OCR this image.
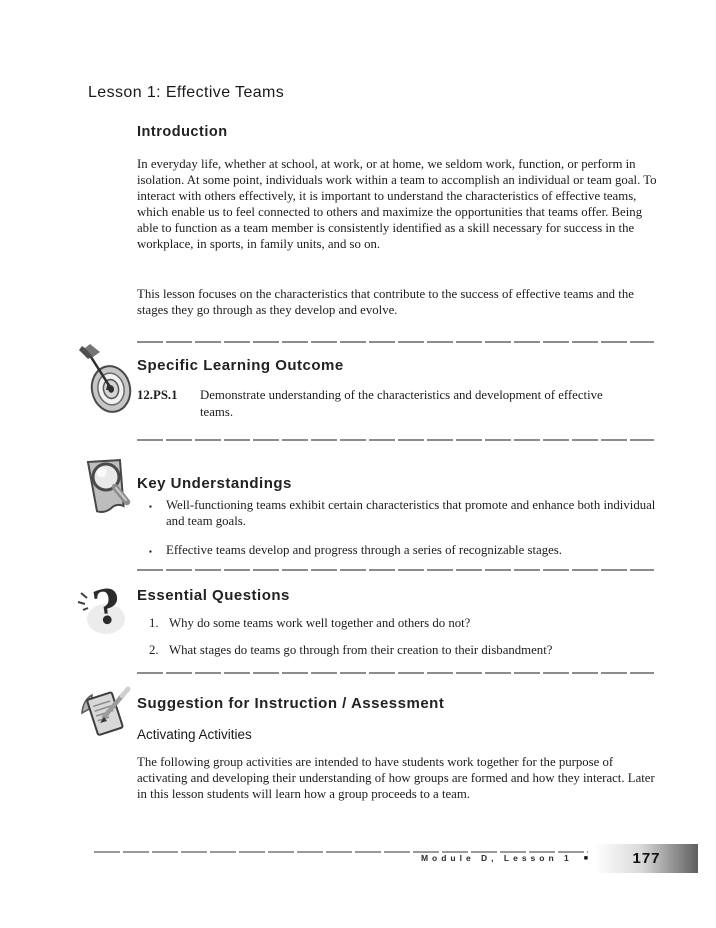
Lesson 1: Effective Teams
Introduction
In everyday life, whether at school, at work, or at home, we seldom work, function, or perform in isolation. At some point, individuals work within a team to accomplish an individual or team goal. To interact with others effectively, it is important to understand the characteristics of effective teams, which enable us to feel connected to others and maximize the opportunities that teams offer. Being able to function as a team member is consistently identified as a skill necessary for success in the workplace, in sports, in family units, and so on.
This lesson focuses on the characteristics that contribute to the success of effective teams and the stages they go through as they develop and evolve.
Specific Learning Outcome
12.PS.1	Demonstrate understanding of the characteristics and development of effective teams.
Key Understandings
▪	Well-functioning teams exhibit certain characteristics that promote and enhance both individual and team goals.
▪	Effective teams develop and progress through a series of recognizable stages.
? Essential Questions
1. Why do some teams work well together and others do not?
2. What stages do teams go through from their creation to their disbandment?
Suggestion for Instruction / Assessment
Activating Activities
The following group activities are intended to have students work together for the purpose of activating and developing their understanding of how groups are formed and how they interact. Later in this lesson students will learn how a group proceeds to a team.
Module D, Lesson 1 ■	177
